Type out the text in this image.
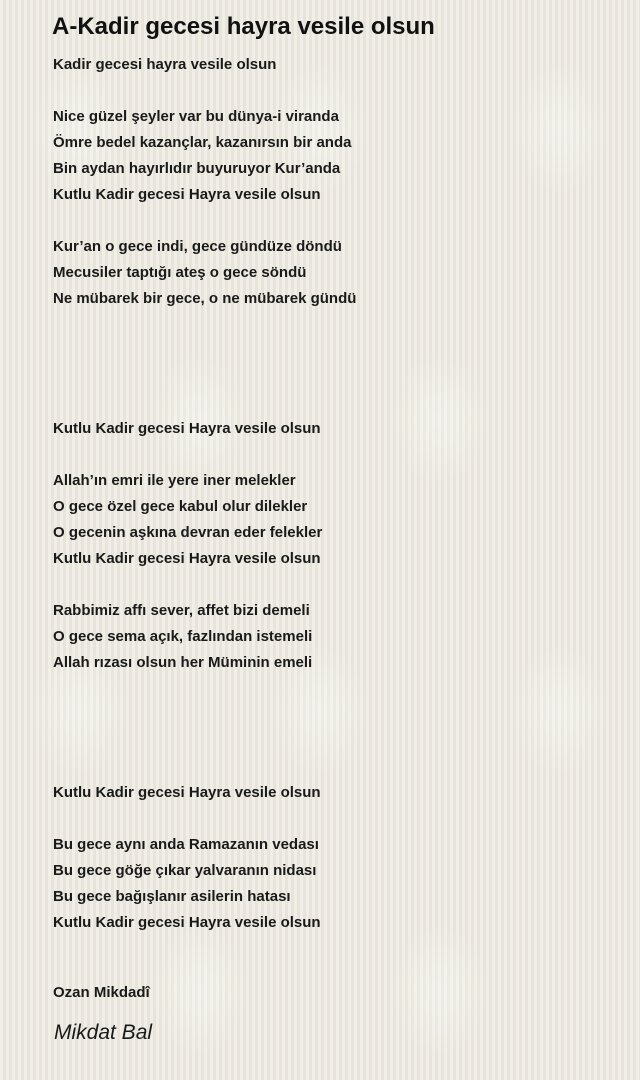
A-Kadir gecesi hayra vesile olsun
Kadir gecesi hayra vesile olsun
Nice güzel şeyler var bu dünya-i viranda
Ömre bedel kazançlar, kazanırsın bir anda
Bin aydan hayırlıdır buyuruyor Kur’anda
Kutlu Kadir gecesi Hayra vesile olsun
Kur’an o gece indi, gece gündüze döndü
Mecusiler taptığı ateş o gece söndü
Ne mübarek bir gece, o ne mübarek gündü
Kutlu Kadir gecesi Hayra vesile olsun
Allah’ın emri ile yere iner melekler
O gece özel gece kabul olur dilekler
O gecenin aşkına devran eder felekler
Kutlu Kadir gecesi Hayra vesile olsun
Rabbimiz affı sever, affet bizi demeli
O gece sema açık, fazlından istemeli
Allah rızası olsun her Müminin emeli
Kutlu Kadir gecesi Hayra vesile olsun
Bu gece aynı anda Ramazanın vedası
Bu gece göğe çıkar yalvaranın nidası
Bu gece bağışlanır asilerin hatası
Kutlu Kadir gecesi Hayra vesile olsun
Ozan Mikdadî
Mikdat Bal
